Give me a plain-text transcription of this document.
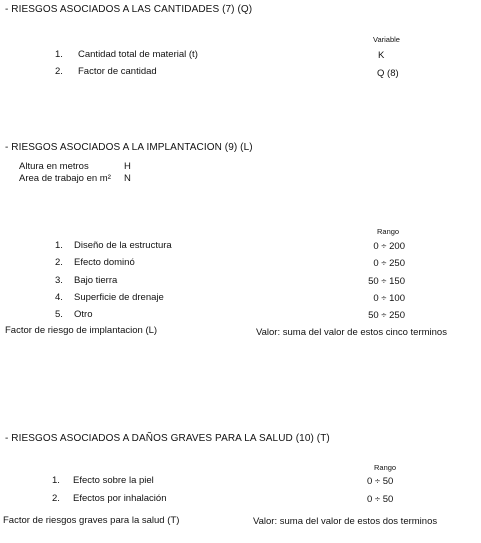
- RIESGOS ASOCIADOS A LAS CANTIDADES (7) (Q)
Variable
1. Cantidad total de material (t)	K
2. Factor de cantidad	Q (8)
- RIESGOS ASOCIADOS A LA IMPLANTACION (9) (L)
Altura en metros	H
Area de trabajo en m² N
Rango
1. Diseño de la estructura	0 ÷ 200
2. Efecto dominó	0 ÷ 250
3. Bajo tierra	50 ÷ 150
4. Superficie de drenaje	0 ÷ 100
5. Otro	50 ÷ 250
Factor de riesgo de implantacion (L)	Valor: suma del valor de estos cinco terminos
- RIESGOS ASOCIADOS A DAÑOS GRAVES PARA LA SALUD (10) (T)
Rango
1. Efecto sobre la piel	0 ÷ 50
2. Efectos por inhalación	0 ÷ 50
Factor de riesgos graves para la salud (T)	Valor: suma del valor de estos dos terminos
